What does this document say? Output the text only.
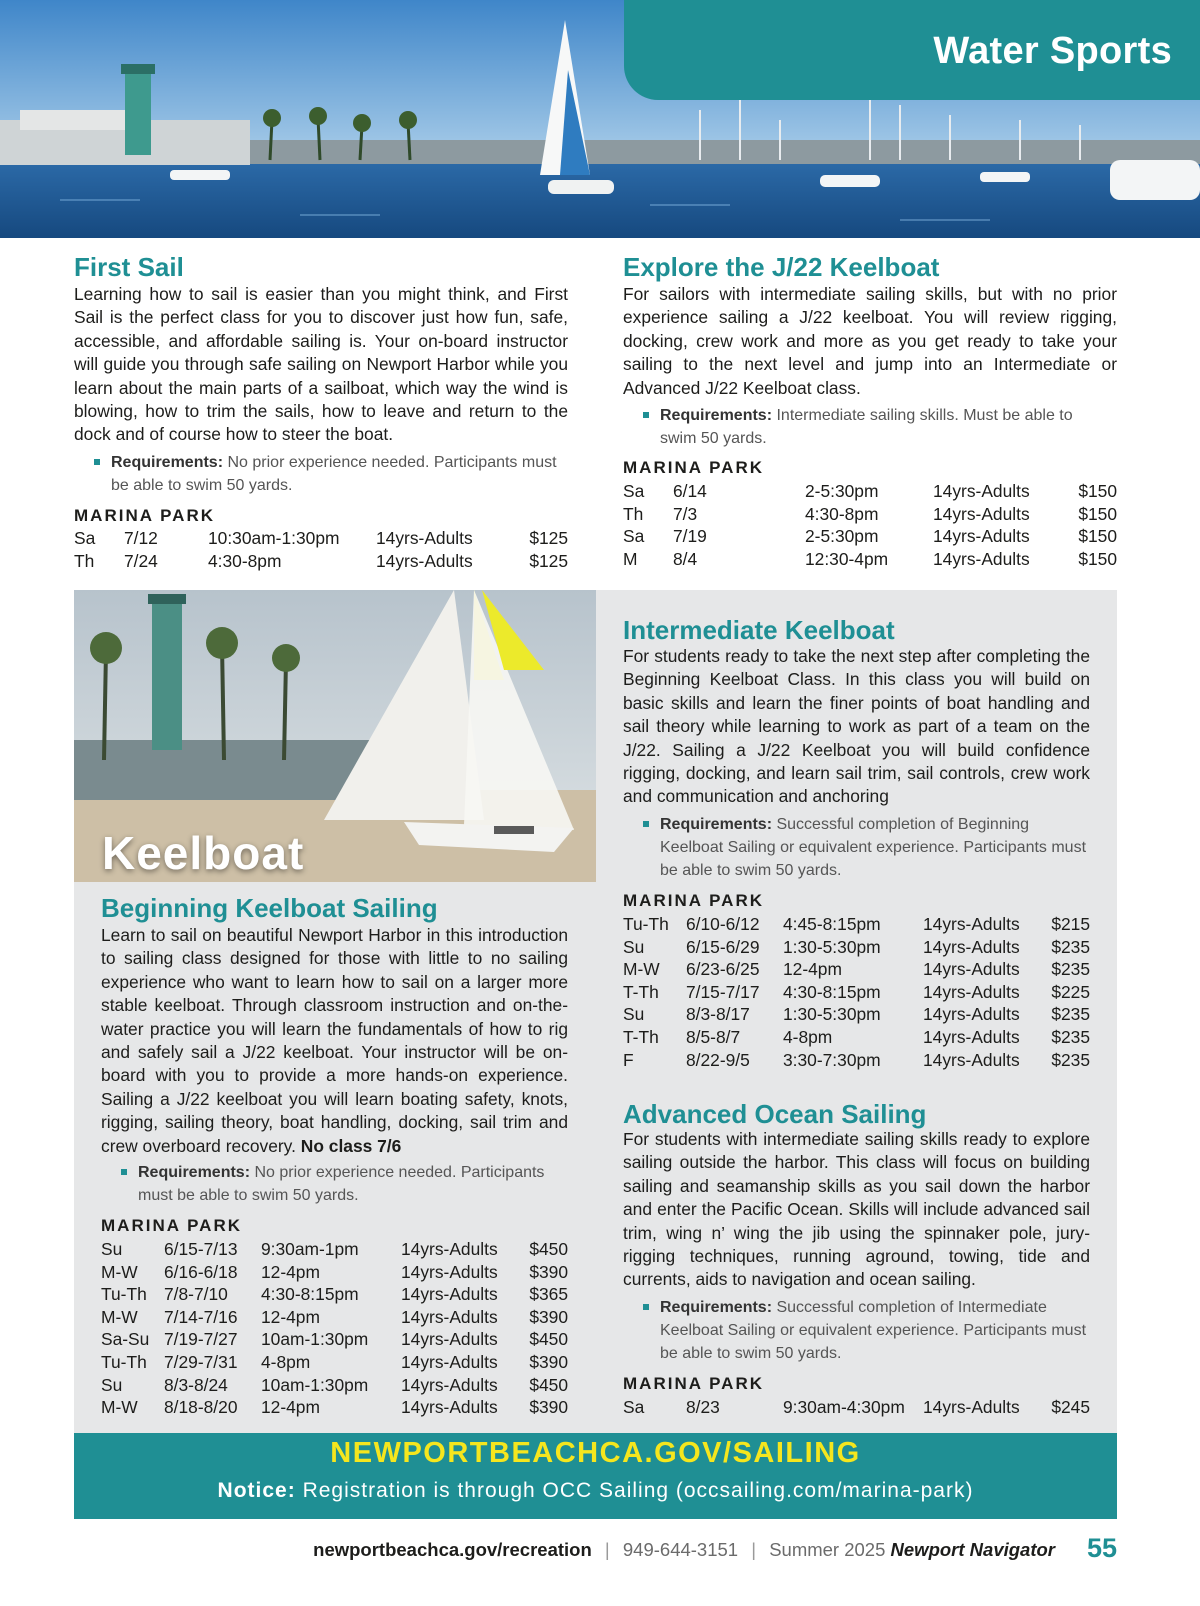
Water Sports
First Sail
Learning how to sail is easier than you might think, and First Sail is the perfect class for you to discover just how fun, safe, accessible, and affordable sailing is. Your on-board instructor will guide you through safe sailing on Newport Harbor while you learn about the main parts of a sailboat, which way the wind is blowing, how to trim the sails, how to leave and return to the dock and of course how to steer the boat.
Requirements: No prior experience needed. Participants must be able to swim 50 yards.
MARINA PARK
Sa 7/12	10:30am-1:30pm 14yrs-Adults	$125
Th 7/24	4:30-8pm	14yrs-Adults	$125
Explore the J/22 Keelboat
For sailors with intermediate sailing skills, but with no prior experience sailing a J/22 keelboat. You will review rigging, docking, crew work and more as you get ready to take your sailing to the next level and jump into an Intermediate or Advanced J/22 Keelboat class.
Requirements: Intermediate sailing skills. Must be able to swim 50 yards.
MARINA PARK
Sa 6/14	2-5:30pm	14yrs-Adults	$150
Th 7/3	4:30-8pm	14yrs-Adults	$150
Sa 7/19	2-5:30pm	14yrs-Adults	$150
M 8/4	12:30-4pm	14yrs-Adults	$150
Keelboat
Beginning Keelboat Sailing
Learn to sail on beautiful Newport Harbor in this introduction to sailing class designed for those with little to no sailing experience who want to learn how to sail on a larger more stable keelboat. Through classroom instruction and on-the-water practice you will learn the fundamentals of how to rig and safely sail a J/22 keelboat. Your instructor will be on-board with you to provide a more hands-on experience. Sailing a J/22 keelboat you will learn boating safety, knots, rigging, sailing theory, boat handling, docking, sail trim and crew overboard recovery. No class 7/6
Requirements: No prior experience needed. Participants must be able to swim 50 yards.
MARINA PARK
Su 6/15-7/13 9:30am-1pm 14yrs-Adults $450
M-W 6/16-6/18 12-4pm	14yrs-Adults $390
Tu-Th 7/8-7/10 4:30-8:15pm 14yrs-Adults $365
M-W 7/14-7/16 12-4pm	14yrs-Adults $390
Sa-Su 7/19-7/27 10am-1:30pm 14yrs-Adults $450
Tu-Th 7/29-7/31 4-8pm	14yrs-Adults $390
Su 8/3-8/24 10am-1:30pm 14yrs-Adults $450
M-W 8/18-8/20 12-4pm	14yrs-Adults $390
Intermediate Keelboat
For students ready to take the next step after completing the Beginning Keelboat Class. In this class you will build on basic skills and learn the finer points of boat handling and sail theory while learning to work as part of a team on the J/22. Sailing a J/22 Keelboat you will build confidence rigging, docking, and learn sail trim, sail controls, crew work and communication and anchoring
Requirements: Successful completion of Beginning Keelboat Sailing or equivalent experience. Participants must be able to swim 50 yards.
MARINA PARK
Tu-Th 6/10-6/12 4:45-8:15pm 14yrs-Adults $215
Su 6/15-6/29 1:30-5:30pm 14yrs-Adults $235
M-W 6/23-6/25 12-4pm	14yrs-Adults $235
T-Th 7/15-7/17 4:30-8:15pm 14yrs-Adults $225
Su 8/3-8/17 1:30-5:30pm 14yrs-Adults $235
T-Th 8/5-8/7 4-8pm	14yrs-Adults $235
F	8/22-9/5 3:30-7:30pm 14yrs-Adults $235
Advanced Ocean Sailing
For students with intermediate sailing skills ready to explore sailing outside the harbor. This class will focus on building sailing and seamanship skills as you sail down the harbor and enter the Pacific Ocean. Skills will include advanced sail trim, wing n’ wing the jib using the spinnaker pole, jury-rigging techniques, running aground, towing, tide and currents, aids to navigation and ocean sailing.
Requirements: Successful completion of Intermediate Keelboat Sailing or equivalent experience. Participants must be able to swim 50 yards.
MARINA PARK
Sa 8/23	9:30am-4:30pm 14yrs-Adults $245
NEWPORTBEACHCA.GOV/SAILING
Notice: Registration is through OCC Sailing (occsailing.com/marina-park)
newportbeachca.gov/recreation | 949-644-3151 | Summer 2025 Newport Navigator 55
